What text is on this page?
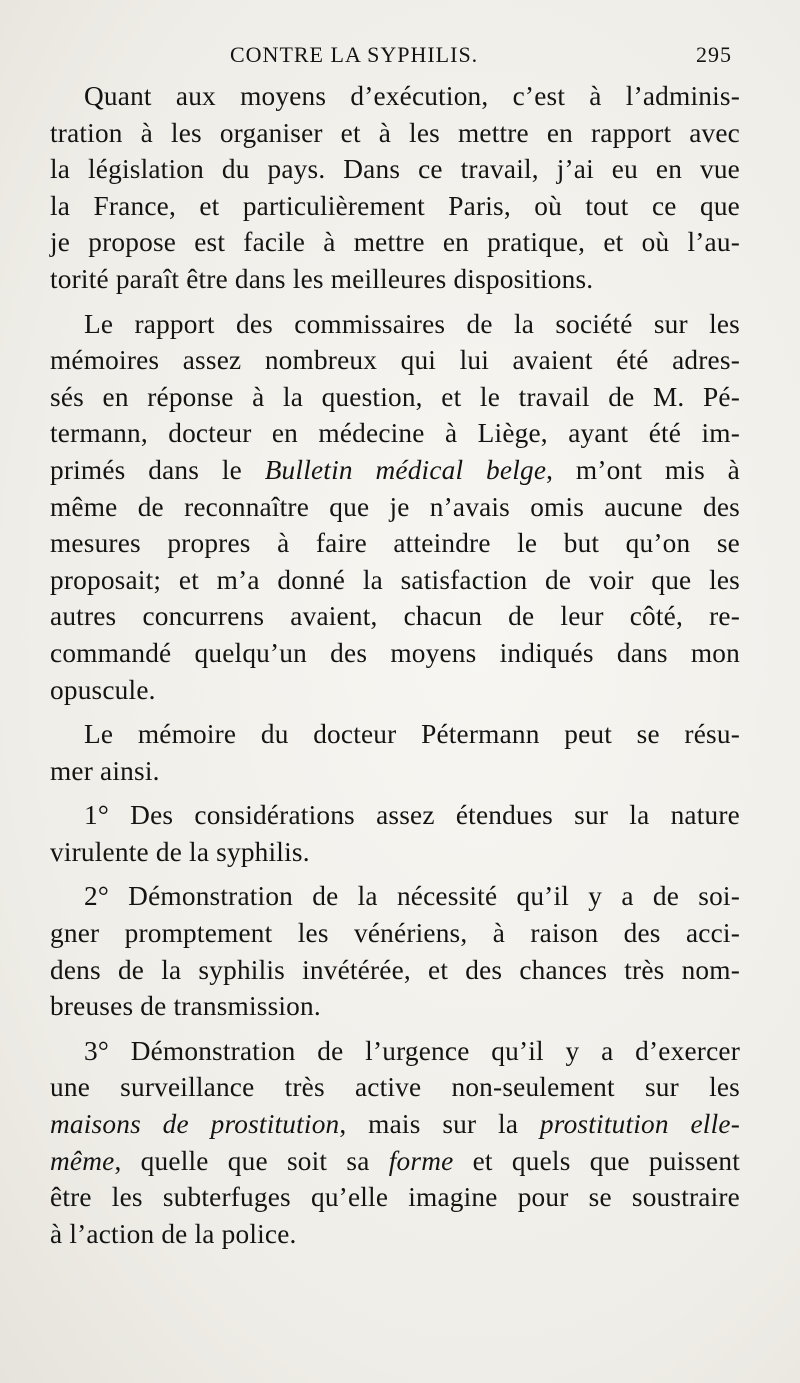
CONTRE LA SYPHILIS.	295
Quant aux moyens d’exécution, c’est à l’adminis-
tration à les organiser et à les mettre en rapport avec
la législation du pays. Dans ce travail, j’ai eu en vue
la France, et particulièrement Paris, où tout ce que
je propose est facile à mettre en pratique, et où l’au-
torité paraît être dans les meilleures dispositions.
Le rapport des commissaires de la société sur les
mémoires assez nombreux qui lui avaient été adres-
sés en réponse à la question, et le travail de M. Pé-
termann, docteur en médecine à Liège, ayant été im-
primés dans le Bulletin médical belge, m’ont mis à
même de reconnaître que je n’avais omis aucune des
mesures propres à faire atteindre le but qu’on se
proposait; et m’a donné la satisfaction de voir que les
autres concurrens avaient, chacun de leur côté, re-
commandé quelqu’un des moyens indiqués dans mon
opuscule.
Le mémoire du docteur Pétermann peut se résu-
mer ainsi.
1° Des considérations assez étendues sur la nature
virulente de la syphilis.
2° Démonstration de la nécessité qu’il y a de soi-
gner promptement les vénériens, à raison des acci-
dens de la syphilis invétérée, et des chances très nom-
breuses de transmission.
3° Démonstration de l’urgence qu’il y a d’exercer
une surveillance très active non-seulement sur les
maisons de prostitution, mais sur la prostitution elle-
même, quelle que soit sa forme et quels que puissent
être les subterfuges qu’elle imagine pour se soustraire
à l’action de la police.
